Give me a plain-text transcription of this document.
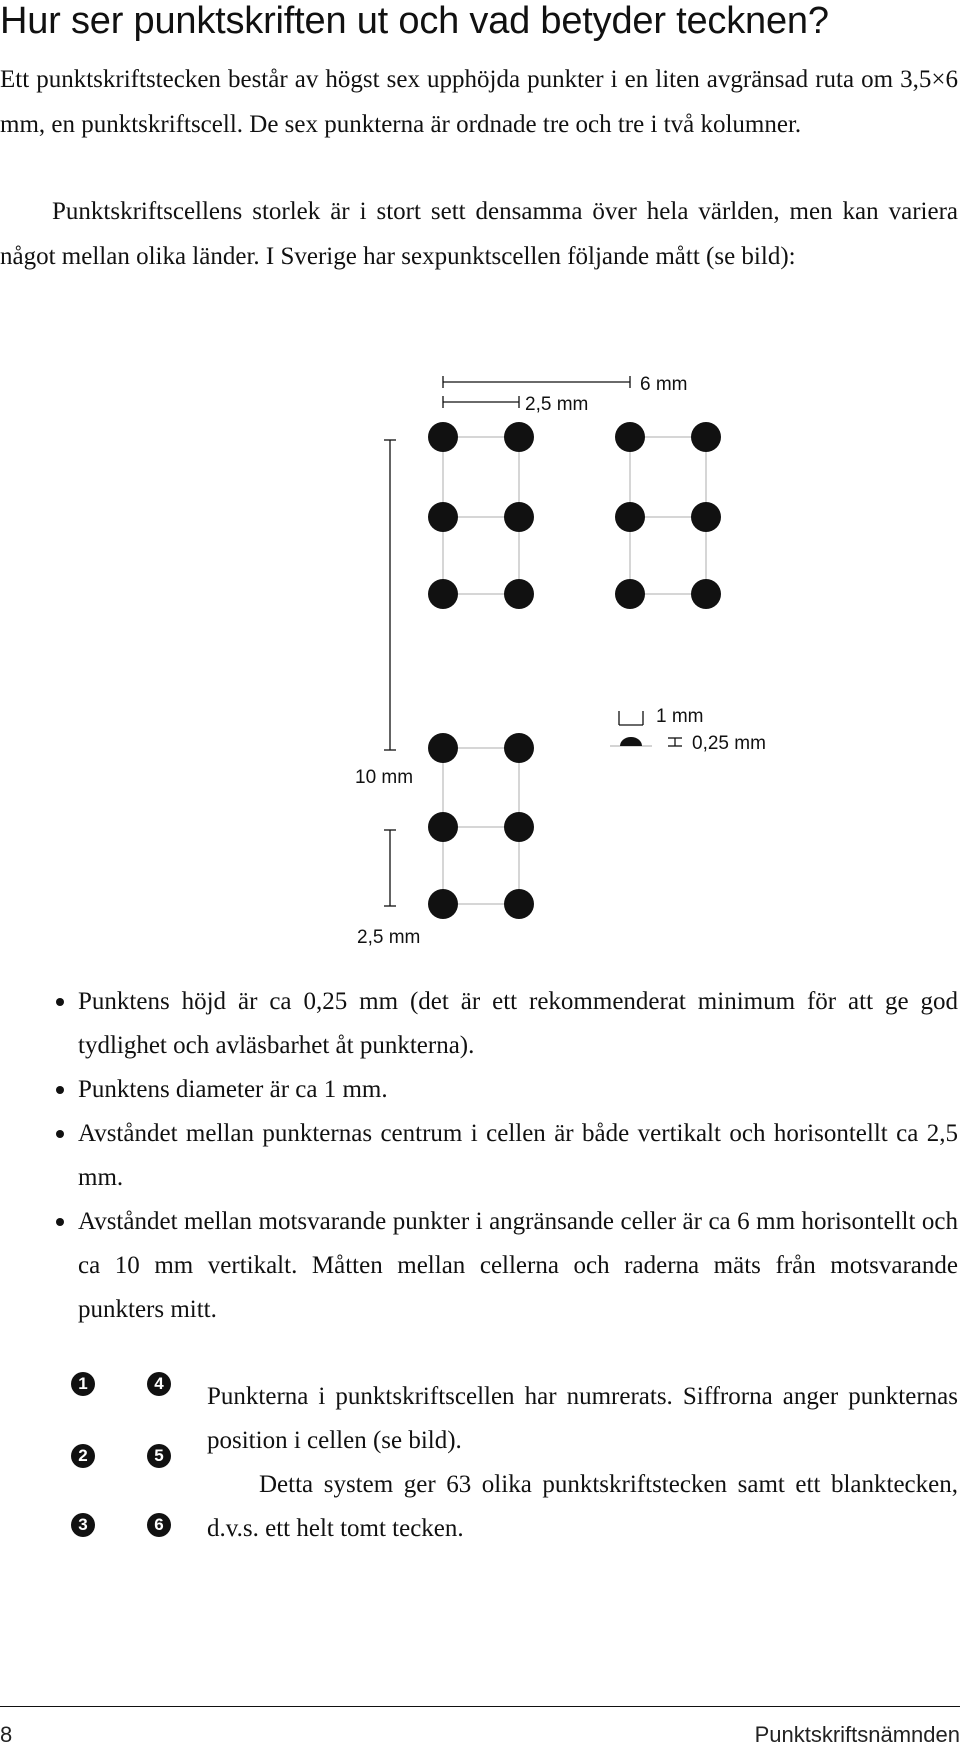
Hur ser punktskriften ut och vad betyder tecknen?

Ett punktskriftstecken består av högst sex upphöjda punkter i en liten avgränsad ruta om 3,5×6 mm, en punktskriftscell. De sex punkterna är ordnade tre och tre i två kolumner.

Punktskriftscellens storlek är i stort sett densamma över hela världen, men kan variera något mellan olika länder. I Sverige har sexpunktscellen följande mått (se bild):

6 mm
2,5 mm
10 mm
2,5 mm
1 mm
0,25 mm
Punktens höjd är ca 0,25 mm (det är ett rekommenderat minimum för att ge god tydlighet och avläsbarhet åt punkterna).
Punktens diameter är ca 1 mm.
Avståndet mellan punkternas centrum i cellen är både vertikalt och horisontellt ca 2,5 mm.
Avståndet mellan motsvarande punkter i angränsande celler är ca 6 mm horisontellt och ca 10 mm vertikalt. Måtten mellan cellerna och raderna mäts från motsvarande punkters mitt.
1
2
3
4
5
6

Punkterna i punktskriftscellen har numrerats. Siffrorna anger punkternas position i cellen (se bild).
Detta system ger 63 olika punktskriftstecken samt ett blanktecken, d.v.s. ett helt tomt tecken.

8	Punktskriftsnämnden
